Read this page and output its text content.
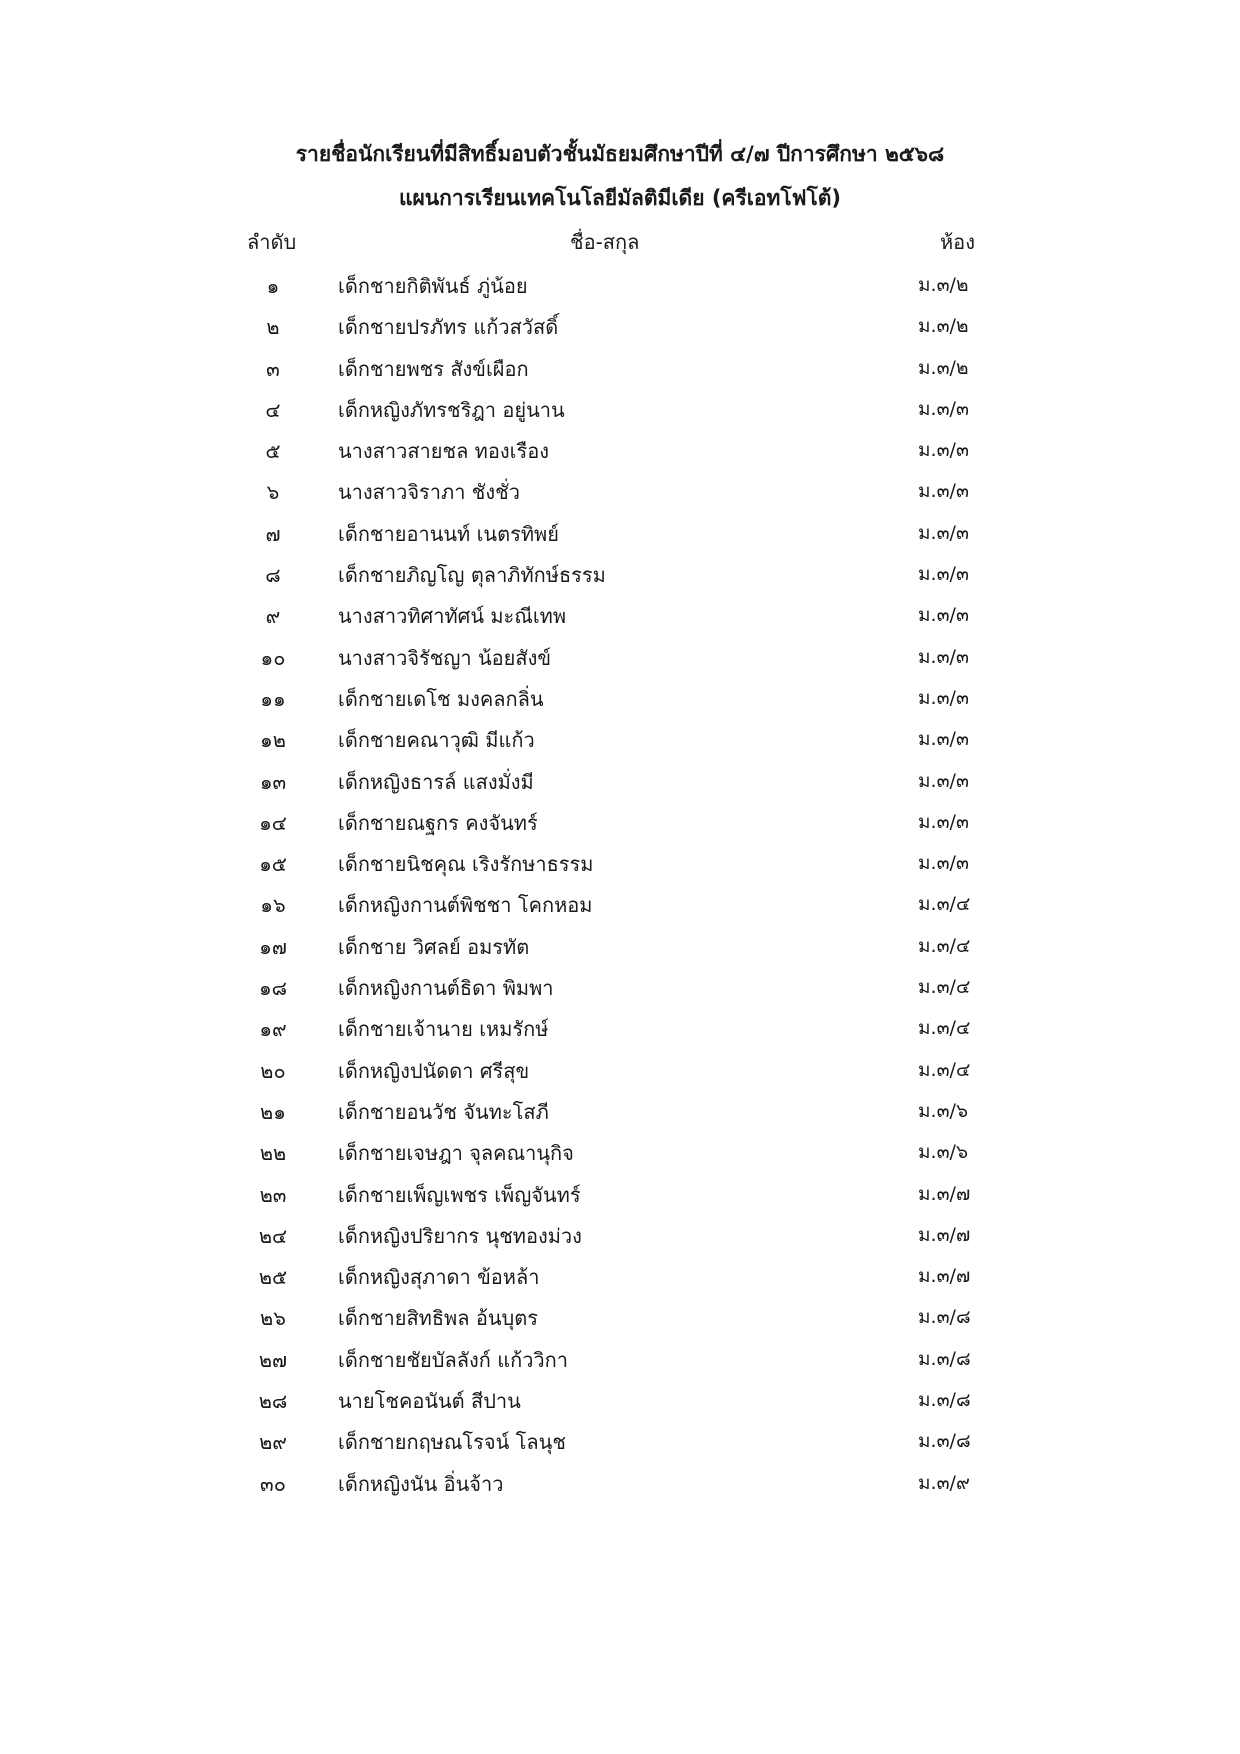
รายชื่อนักเรียนที่มีสิทธิ์มอบตัวชั้นมัธยมศึกษาปีที่ ๔/๗ ปีการศึกษา ๒๕๖๘
แผนการเรียนเทคโนโลยีมัลติมีเดีย (ครีเอทโฟโต้)
ลำดับ	ชื่อ-สกุล	ห้อง
๑	เด็กชายกิติพันธ์ ภู่น้อย	ม.๓/๒
๒	เด็กชายปรภัทร แก้วสวัสดิ์	ม.๓/๒
๓	เด็กชายพชร สังข์เผือก	ม.๓/๒
๔	เด็กหญิงภัทรชริฎา อยู่นาน	ม.๓/๓
๕	นางสาวสายชล ทองเรือง	ม.๓/๓
๖	นางสาวจิราภา ชังชั่ว	ม.๓/๓
๗	เด็กชายอานนท์ เนตรทิพย์	ม.๓/๓
๘	เด็กชายภิญโญ ตุลาภิทักษ์ธรรม	ม.๓/๓
๙	นางสาวทิศาทัศน์ มะณีเทพ	ม.๓/๓
๑๐	นางสาวจิรัชญา น้อยสังข์	ม.๓/๓
๑๑	เด็กชายเดโช มงคลกลิ่น	ม.๓/๓
๑๒	เด็กชายคณาวุฒิ มีแก้ว	ม.๓/๓
๑๓	เด็กหญิงธารล์ แสงมั่งมี	ม.๓/๓
๑๔	เด็กชายณฐกร คงจันทร์	ม.๓/๓
๑๕	เด็กชายนิชคุณ เริงรักษาธรรม	ม.๓/๓
๑๖	เด็กหญิงกานต์พิชชา โคกหอม	ม.๓/๔
๑๗	เด็กชาย วิศลย์ อมรทัต	ม.๓/๔
๑๘	เด็กหญิงกานต์ธิดา พิมพา	ม.๓/๔
๑๙	เด็กชายเจ้านาย เหมรักษ์	ม.๓/๔
๒๐	เด็กหญิงปนัดดา ศรีสุข	ม.๓/๔
๒๑	เด็กชายอนวัช จันทะโสภี	ม.๓/๖
๒๒	เด็กชายเจษฎา จุลคณานุกิจ	ม.๓/๖
๒๓	เด็กชายเพ็ญเพชร เพ็ญจันทร์	ม.๓/๗
๒๔	เด็กหญิงปริยากร นุชทองม่วง	ม.๓/๗
๒๕	เด็กหญิงสุภาดา ข้อหล้า	ม.๓/๗
๒๖	เด็กชายสิทธิพล อ้นบุตร	ม.๓/๘
๒๗	เด็กชายชัยบัลลังก์ แก้ววิกา	ม.๓/๘
๒๘	นายโชคอนันต์ สีปาน	ม.๓/๘
๒๙	เด็กชายกฤษณโรจน์ โลนุช	ม.๓/๘
๓๐	เด็กหญิงนัน อิ่นจ้าว	ม.๓/๙
